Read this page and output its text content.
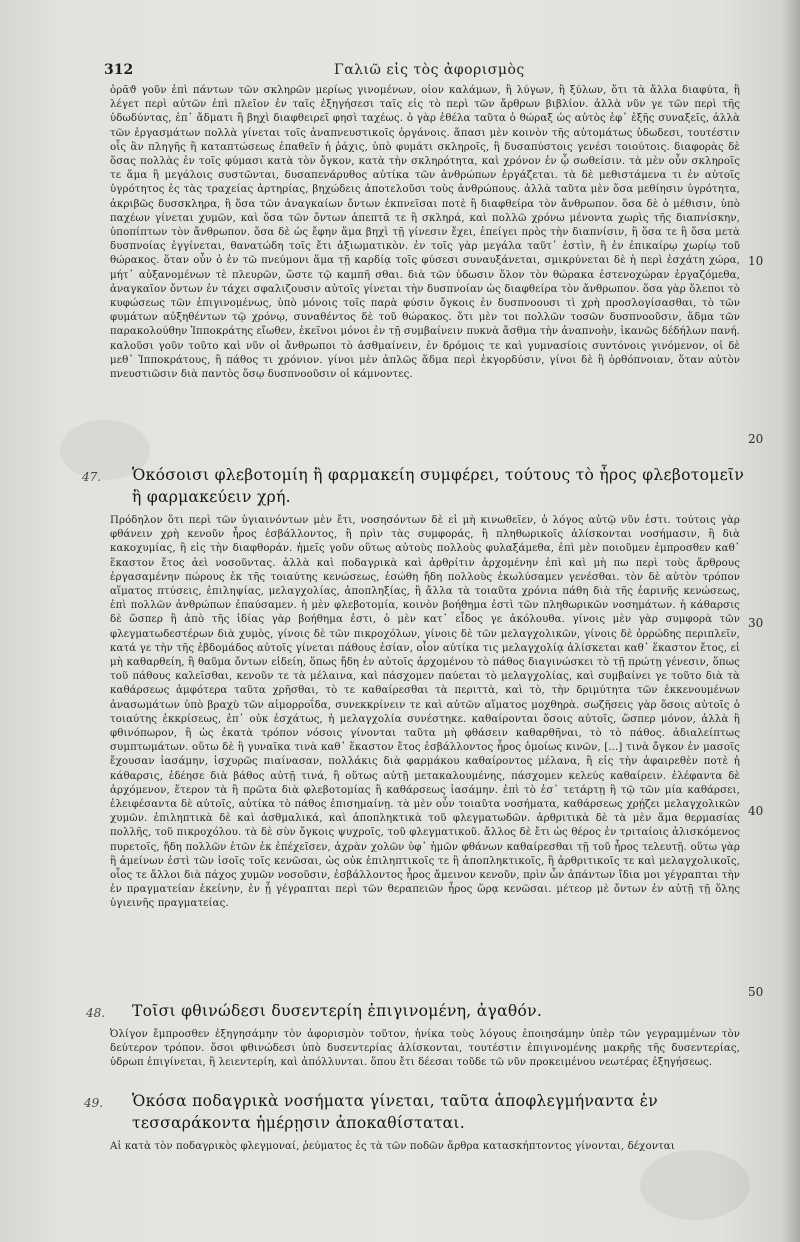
312	Γαλιῶ εἰς τὸς ἀφορισμὸς

ὁρᾶϑ γοῦν ἐπὶ πάντων τῶν σκληρῶν μερίως γινομένων, οἷον καλάμων, ἢ λύγων, ἢ ξύλων, ὅτι τὰ ἄλλα διαφύτα, ἢ λέγετ περὶ αὐτῶν ἐπὶ πλεῖον ἐν ταῖς ἐξηγήσεσι ταῖς εἰς τὸ περὶ τῶν ἄρθρων βιβλίον. ἀλλὰ νῦν γε τῶν περὶ τῆς ὑδωδύντας, ἐπ᾽ ἄδματι ἢ βηχὶ διαφθειρεῖ φησὶ ταχέως. ὁ γὰρ ἐθέλα ταῦτα ὁ θώραξ ὡς αὐτὸς ἐφ᾽ ἑξῆς συναξεῖς, ἀλλὰ τῶν ἐργασμάτων πολλὰ γίνεται τοῖς ἀναπνευστικοῖς ὀργάνοις. ἅπασι μὲν κοινὸν τῆς αὐτομάτως ὑδωδεσι, τουτέστιν οἷς ἂν πληγῆς ἢ καταπτώσεως ἐπαθεῖν ἡ ῥάχις, ὑπὸ φυμάτι σκληροῖς, ἢ δυσαπύστοις γενέσι τοιούτοις. διαφορὰς δὲ ὅσας πολλὰς ἐν τοῖς φύμασι κατὰ τὸν ὄγκον, κατὰ τὴν σκληρότητα, καὶ χρόνον ἐν ᾧ σωθείσιν. τὰ μὲν οὖν σκληροῖς τε ἅμα ἢ μεγάλοις συστῶνται, δυσαπενάρυθος αὐτίκα τῶν ἀνθρώπων ἐργάζεται. τὰ δὲ μεθιστάμενα τι ἐν αὐτοῖς ὑγρότητος ἐς τὰς τραχείας ἀρτηρίας, βηχώδεις ἀποτελοῦσι τοὺς ἀνθρώπους. ἀλλὰ ταῦτα μὲν ὅσα μεθίησιν ὑγρότητα, ἀκριβῶς δυσσκληρα, ἢ ὅσα τῶν ἀναγκαίων ὄντων ἐκπνεῖσαι ποτὲ ἢ διαφθείρα τὸν ἄνθρωπον. ὅσα δὲ ὁ μέθισιν, ὑπὸ παχέων γίνεται χυμῶν, καὶ ὅσα τῶν ὄντων ἀπεπτᾶ τε ἢ σκληρά, καὶ πολλῶ χρόνω μένοντα χωρὶς τῆς διαπνίσκην, ὑποπίπτων τὸν ἄνθρωπον. ὅσα δὲ ὡς ἔφην ἅμα βηχὶ τῇ γίνεσιν ἔχει, ἐπείγει πρὸς τὴν διαπνίσιν, ἢ ὅσα τε ἢ ὅσα μετὰ δυσπνοίας ἐγγίνεται, θανατώδη τοῖς ἔτι ἀξιωματικὸν. ἐν τοῖς γὰρ μεγάλα ταῦτ᾽ ἐστὶν, ἢ ἐν ἐπικαίρῳ χωρίῳ τοῦ θώρακος. ὅταν οὖν ὁ ἐν τῶ πνεύμονι ἅμα τῇ καρδίᾳ τοῖς φύσεσι συναυξάνεται, σμικρύνεται δὲ ἡ περὶ ἐσχάτη χώρα, μήτ᾽ αὐξανομένων τὲ πλευρῶν, ὥστε τῷ καμπῆ σθαι. διὰ τῶν ὑδωσιν ὅλον τὸν θώρακα ἐστενοχώραν ἐργαζόμεθα, ἀναγκαῖον ὄντων ἐν τάχει σφαλιζουσιν αὐτοῖς γίνεται τὴν δυσπνοίαν ὡς διαφθείρα τὸν ἄνθρωπον. ὅσα γὰρ ὅλεποι τὸ κυφώσεως τῶν ἐπιγινομένως, ὑπὸ μόνοις τοῖς παρὰ φύσιν ὄγκοις ἐν δυσπνοουσι τὶ χρὴ προσλογίσασθαι, τὸ τῶν φυμάτων αὐξηθέντων τῷ χρόνῳ, συναθέντος δὲ τοῦ θώρακος. ὅτι μὲν τοι πολλῶν τοσῶν δυσπνοοῦσιν, ἅδμα τῶν παρακολούθην Ἱπποκράτης εἴωθεν, ἐκεῖνοι μόνοι ἐν τῇ συμβαίνειν πυκνὰ ἄσθμα τὴν ἀναπνοὴν, ἱκανῶς δέδήλων πανή. καλοῦσι γοῦν τοῦτο καὶ νῦν οἱ ἄνθρωποι τὸ ἀσθμαίνειν, ἐν δρόμοις τε καὶ γυμνασίοις συντόνοις γινόμενον, οἱ δὲ μεθ᾽ Ἱπποκράτους, ἢ πάθος τι χρόνιον. γίνοι μὲν ἀπλῶς ἅδμα περὶ ἐκγορδύσιν, γίνοι δὲ ἢ ὀρθόπνοιαν, ὅταν αὐτὸν πνευστιῶσιν διὰ παντὸς ὅσῳ δυσπνοοῦσιν οἱ κάμνοντες.

10
20
30
40
50
47. Ὁκόσοισι φλεβοτομίη ἢ φαρμακείη συμφέρει, τούτους τὸ ἦρος φλεβοτομεῖν ἢ φαρμακεύειν χρή.

Πρόδηλον ὅτι περὶ τῶν ὑγιαινόντων μὲν ἔτι, νοσησόντων δὲ εἰ μὴ κινωθεῖεν, ὁ λόγος αὐτῷ νῦν ἐστι. τούτοις γὰρ φθάνειν χρὴ κενοῦν ἦρος ἐσβάλλοντος, ἢ πρὶν τὰς συμφοράς, ἢ πληθωρικοῖς ἁλίσκονται νοσήμασιν, ἢ διὰ κακοχυμίας, ἢ εἰς τὴν διαφθοράν. ἡμεῖς γοῦν οὕτως αὐτοὺς πολλοὺς φυλαξάμεθα, ἐπὶ μὲν ποιοῦμεν ἐμπροσθεν καθ᾽ ἕκαστον ἔτος ἀεὶ νοσοῦντας. ἀλλὰ καὶ ποδαγρικὰ καὶ ἀρθρίτιν ἀρχομένην ἐπὶ καὶ μὴ πω περὶ τοὺς ἄρθρους ἐργασαμένην πώρους ἐκ τῆς τοιαύτης κενώσεως, ἐσώθη ἤδη πολλοὺς ἐκωλύσαμεν γενέσθαι. τὸν δὲ αὐτὸν τρόπον αἵματος πτύσεις, ἐπιληψίας, μελαγχολίας, ἀποπληξίας, ἢ ἄλλα τὰ τοιαῦτα χρόνια πάθη διὰ τῆς ἐαρινῆς κενώσεως, ἐπὶ πολλῶν ἀνθρώπων ἐπαύσαμεν. ἡ μὲν φλεβοτομία, κοινὸν βοήθημα ἐστὶ τῶν πληθωρικῶν νοσημάτων. ἡ κάθαρσις δὲ ὥσπερ ἢ ἀπὸ τῆς ἰδίας γὰρ βοήθημα ἐστι, ὁ μὲν κατ᾽ εἶδος γε ἀκόλουθα. γίνοις μὲν γὰρ συμφορὰ τῶν φλεγματωδεστέρων διὰ χυμὸς, γίνοις δὲ τῶν πικροχόλων, γίνοις δὲ τῶν μελαγχολικῶν, γίνοις δὲ ὀρρώδης περιπλεῖν, κατά γε τὴν τῆς ἑβδομάδος αὐτοῖς γίνεται πάθους ἐσίαν, οἷον αὐτίκα τις μελαγχολίᾳ ἁλίσκεται καθ᾽ ἕκαστον ἔτος, εἰ μὴ καθαρθείη, ἢ θαῦμα ὄντων εἰδείη, ὅπως ἤδη ἐν αὐτοῖς ἀρχομένου τὸ πάθος διαγινώσκει τὸ τῇ πρώτῃ γένεσιν, ὅπως τοῦ πάθους καλεῖσθαι, κενοῦν τε τὰ μέλαινα, καὶ πάσχομεν παύεται τὸ μελαγχολίας, καὶ συμβαίνει γε τοῦτο διὰ τὰ καθάρσεως ἀμφότερα ταῦτα χρῆσθαι, τὸ τε καθαίρεσθαι τὰ περιττὰ, καὶ τὸ, τὴν δριμύτητα τῶν ἐκκενουμένων ἀνασωμάτων ὑπὸ βραχὺ τῶν αἱμορροΐδα, συνεκκρίνειν τε καὶ αὐτῶν αἵματος μοχθηρὰ. σωζῆσεις γὰρ ὅσοις αὐτοῖς ὁ τοιαύτης ἐκκρίσεως, ἐπ᾽ οὐκ ἐσχάτως, ἡ μελαγχολία συνέστηκε. καθαίρονται ὅσοις αὐτοῖς, ὥσπερ μόνον, ἀλλὰ ἢ φθινόπωρον, ἢ ὡς ἐκατὰ τρόπον νόσοις γίνονται ταῦτα μὴ φθάσειν καθαρθῆναι, τὸ τὸ πάθος. ἀδιαλείπτως συμπτωμάτων. οὕτω δὲ ἢ γυναῖκα τινὰ καθ᾽ ἕκαστον ἔτος ἐσβάλλοντος ἦρος ὁμοίως κινῶν, [...] τινὰ ὄγκον ἐν μασοῖς ἔχουσαν ἰασάμην, ἰσχυρῶς πιαίνασαν, πολλάκις διὰ φαρμάκου καθαίροντος μέλανα, ἢ εἰς τὴν ἀφαιρεθὲν ποτὲ ἡ κάθαρσις, ἐδέησε διὰ βάθος αὐτῇ τινά, ἢ οὕτως αὐτῇ μετακαλουμένης, πάσχομεν κελεύς καθαίρειν. ἐλέφαντα δὲ ἀρχόμενον, ἕτερον τὰ ἢ πρῶτα διὰ φλεβοτομίας ἢ καθάρσεως ἰασάμην. ἐπὶ τὸ ἐσ᾽ τετάρτῃ ἢ τῷ τῶν μία καθάρσει, ἐλειφέσαντα δὲ αὐτοῖς, αὐτίκα τὸ πάθος ἐπισημαίνῃ. τὰ μὲν οὖν τοιαῦτα νοσήματα, καθάρσεως χρῄζει μελαγχολικῶν χυμῶν. ἐπιληπτικὰ δὲ καὶ ἀσθμαλικά, καὶ ἀποπληκτικὰ τοῦ φλεγματωδῶν. ἀρθριτικὰ δὲ τὰ μὲν ἅμα θερμασίας πολλῆς, τοῦ πικροχόλου. τὰ δὲ σὺν ὄγκοις ψυχροῖς, τοῦ φλεγματικοῦ. ἄλλος δὲ ἔτι ὡς θέρος ἐν τριταίοις ἁλισκόμενος πυρετοῖς, ἤδη πολλῶν ἐτῶν ἐκ ἐπέχεῖσεν, ἀχρὰν χολῶν ὑφ᾽ ἡμῶν φθάνων καθαίρεσθαι τῇ τοῦ ἦρος τελευτῇ. οὕτω γὰρ ἢ ἀμείνων ἐστὶ τῶν ἰσοῖς τοῖς κενῶσαι, ὡς οὐκ ἐπιληπτικοῖς τε ἢ ἀποπληκτικοῖς, ἢ ἀρθριτικοῖς τε καὶ μελαγχολικοῖς, οἷος τε ἄλλοι διὰ πάχος χυμῶν νοσοῦσιν, ἐσβάλλοντος ἦρος ἄμεινον κενοῦν, πρὶν ὦν ἁπάντων ἴδια μοι γέγραπται τὴν ἐν πραγματείαν ἐκείνην, ἐν ᾗ γέγραπται περὶ τῶν θεραπειῶν ἦρος ὥρᾳ κενῶσαι. μέτεορ μὲ ὄντων ἐν αὐτῇ τῇ ὅλης ὑγιεινῆς πραγματείας.

48. Τοῖσι φθινώδεσι δυσεντερίη ἐπιγινομένη, ἀγαθόν.

Ὀλίγον ἔμπροσθεν ἐξηγησάμην τὸν ἀφορισμὸν τοῦτον, ἡνίκα τοὺς λόγους ἐποιησάμην ὑπὲρ τῶν γεγραμμένων τὸν δεύτερον τρόπον. ὅσοι φθινώδεσι ὑπὸ δυσεντερίας ἁλίσκονται, τουτέστιν ἐπιγινομένης μακρῆς τῆς δυσεντερίας, ὑδρωπ ἐπιγίνεται, ἢ λειεντερίη, καὶ ἀπόλλυνται. ὅπου ἔτι δέεσαι τοῦδε τῶ νῦν προκειμένου νεωτέρας ἐξηγήσεως.

49. Ὁκόσα ποδαγρικὰ νοσήματα γίνεται, ταῦτα ἀποφλεγμήναντα ἐν τεσσαράκοντα ἡμέρῃσιν ἀποκαθίσταται.

Αἱ κατὰ τὸν ποδαγρικὸς φλεγμοναί, ῥεύματος ἐς τὰ τῶν ποδῶν ἄρθρα κατασκήπτοντος γίνονται, δέχονται
